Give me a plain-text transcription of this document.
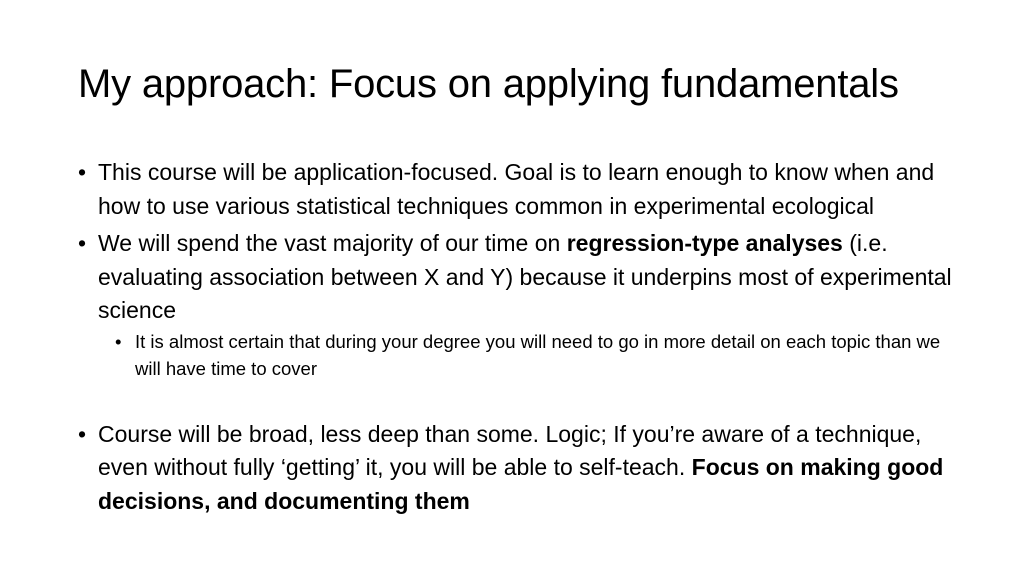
My approach: Focus on applying fundamentals

• This course will be application-focused. Goal is to learn enough to know when and how to use various statistical techniques common in experimental ecological

• We will spend the vast majority of our time on regression-type analyses (i.e. evaluating association between X and Y) because it underpins most of experimental science

• It is almost certain that during your degree you will need to go in more detail on each topic than we will have time to cover

• Course will be broad, less deep than some. Logic; If you’re aware of a technique, even without fully ‘getting’ it, you will be able to self-teach. Focus on making good decisions, and documenting them
